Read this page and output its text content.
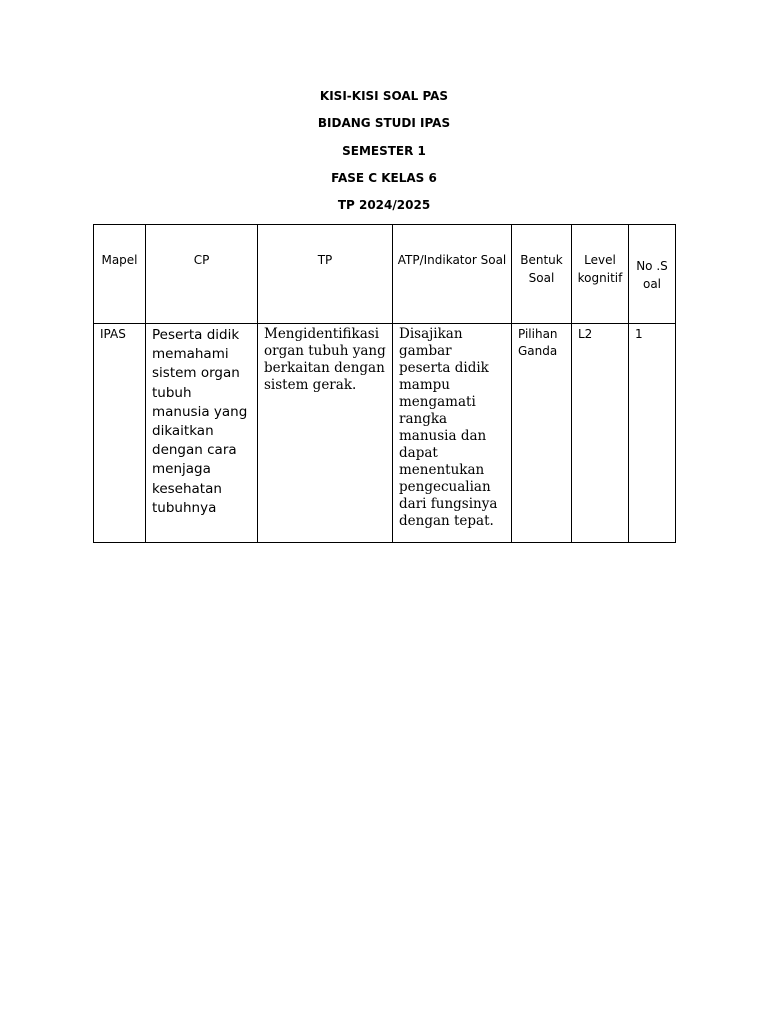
KISI-KISI SOAL PAS
BIDANG STUDI IPAS
SEMESTER 1
FASE C KELAS 6
TP 2024/2025
Mapel	CP	TP	ATP/Indikator Soal	Bentuk Soal	Level kognitif	No .S oal

IPAS	Peserta didik memahami sistem organ tubuh manusia yang dikaitkan dengan cara menjaga kesehatan tubuhnya	Mengidentifikasi organ tubuh yang berkaitan dengan sistem gerak.	Disajikan gambar peserta didik mampu mengamati rangka manusia dan dapat menentukan pengecualian dari fungsinya dengan tepat.	Pilihan Ganda	L2	1
